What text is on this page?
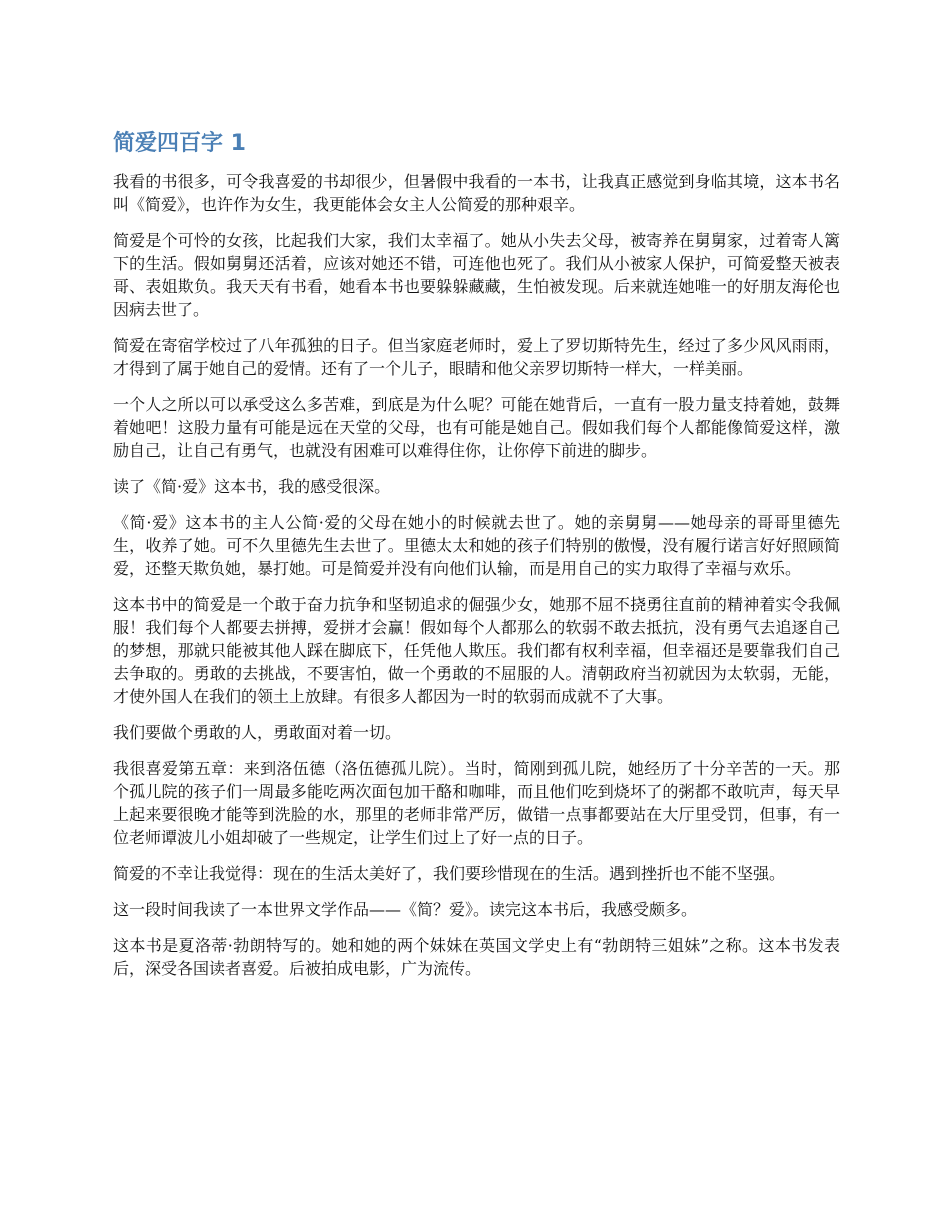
简爱四百字 1

我看的书很多，可令我喜爱的书却很少，但暑假中我看的一本书，让我真正感觉到身临其境，这本书名叫《简爱》，也许作为女生，我更能体会女主人公简爱的那种艰辛。

简爱是个可怜的女孩，比起我们大家，我们太幸福了。她从小失去父母，被寄养在舅舅家，过着寄人篱下的生活。假如舅舅还活着，应该对她还不错，可连他也死了。我们从小被家人保护，可简爱整天被表哥、表姐欺负。我天天有书看，她看本书也要躲躲藏藏，生怕被发现。后来就连她唯一的好朋友海伦也因病去世了。

简爱在寄宿学校过了八年孤独的日子。但当家庭老师时，爱上了罗切斯特先生，经过了多少风风雨雨，才得到了属于她自己的爱情。还有了一个儿子，眼睛和他父亲罗切斯特一样大，一样美丽。

一个人之所以可以承受这么多苦难，到底是为什么呢？可能在她背后，一直有一股力量支持着她，鼓舞着她吧！这股力量有可能是远在天堂的父母，也有可能是她自己。假如我们每个人都能像简爱这样，激励自己，让自己有勇气，也就没有困难可以难得住你，让你停下前进的脚步。

读了《简·爱》这本书，我的感受很深。

《简·爱》这本书的主人公简·爱的父母在她小的时候就去世了。她的亲舅舅——她母亲的哥哥里德先生，收养了她。可不久里德先生去世了。里德太太和她的孩子们特别的傲慢，没有履行诺言好好照顾简爱，还整天欺负她，暴打她。可是简爱并没有向他们认输，而是用自己的实力取得了幸福与欢乐。

这本书中的简爱是一个敢于奋力抗争和坚韧追求的倔强少女，她那不屈不挠勇往直前的精神着实令我佩服！我们每个人都要去拼搏，爱拼才会赢！假如每个人都那么的软弱不敢去抵抗，没有勇气去追逐自己的梦想，那就只能被其他人踩在脚底下，任凭他人欺压。我们都有权利幸福，但幸福还是要靠我们自己去争取的。勇敢的去挑战，不要害怕，做一个勇敢的不屈服的人。清朝政府当初就因为太软弱，无能，才使外国人在我们的领土上放肆。有很多人都因为一时的软弱而成就不了大事。

我们要做个勇敢的人，勇敢面对着一切。

我很喜爱第五章：来到洛伍德（洛伍德孤儿院）。当时，简刚到孤儿院，她经历了十分辛苦的一天。那个孤儿院的孩子们一周最多能吃两次面包加干酪和咖啡，而且他们吃到烧坏了的粥都不敢吭声，每天早上起来要很晚才能等到洗脸的水，那里的老师非常严厉，做错一点事都要站在大厅里受罚，但事，有一位老师谭波儿小姐却破了一些规定，让学生们过上了好一点的日子。

简爱的不幸让我觉得：现在的生活太美好了，我们要珍惜现在的生活。遇到挫折也不能不坚强。

这一段时间我读了一本世界文学作品——《简？爱》。读完这本书后，我感受颇多。

这本书是夏洛蒂·勃朗特写的。她和她的两个妹妹在英国文学史上有“勃朗特三姐妹”之称。这本书发表后，深受各国读者喜爱。后被拍成电影，广为流传。
